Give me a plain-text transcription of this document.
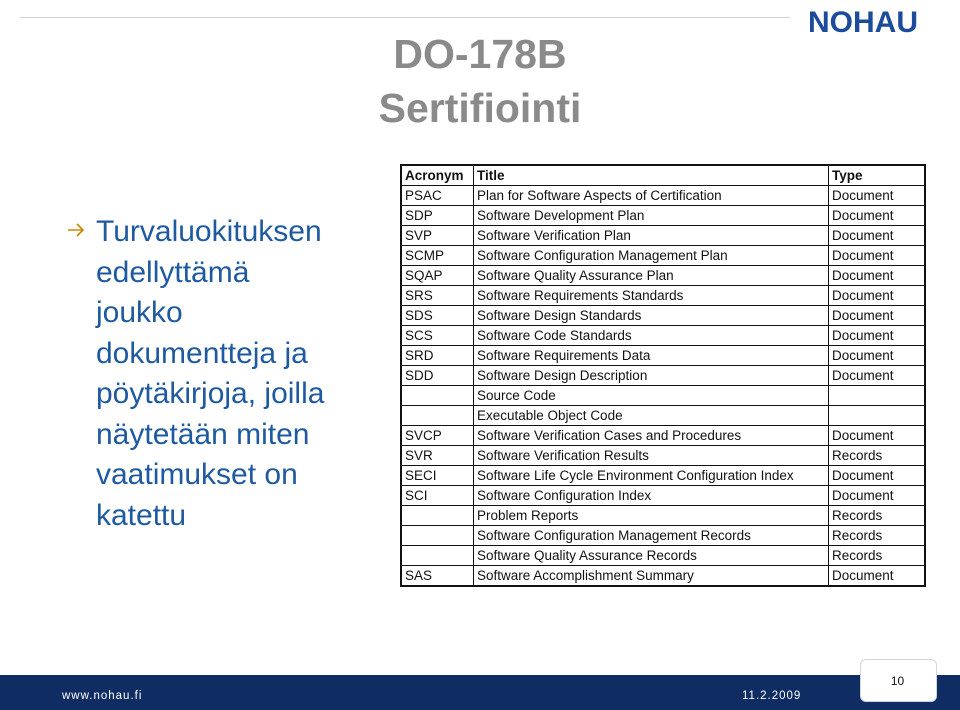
NOHAU
DO-178B
Sertifiointi
Turvaluokituksen
edellyttämä
joukko
dokumentteja ja
pöytäkirjoja, joilla
näytetään miten
vaatimukset on
katettu
Acronym	Title	Type
PSAC	Plan for Software Aspects of Certification	Document
SDP	Software Development Plan	Document
SVP	Software Verification Plan	Document
SCMP	Software Configuration Management Plan	Document
SQAP	Software Quality Assurance Plan	Document
SRS	Software Requirements Standards	Document
SDS	Software Design Standards	Document
SCS	Software Code Standards	Document
SRD	Software Requirements Data	Document
SDD	Software Design Description	Document
	Source Code	
	Executable Object Code	
SVCP	Software Verification Cases and Procedures	Document
SVR	Software Verification Results	Records
SECI	Software Life Cycle Environment Configuration Index	Document
SCI	Software Configuration Index	Document
	Problem Reports	Records
	Software Configuration Management Records	Records
	Software Quality Assurance Records	Records
SAS	Software Accomplishment Summary	Document
www.nohau.fi	11.2.2009
10
